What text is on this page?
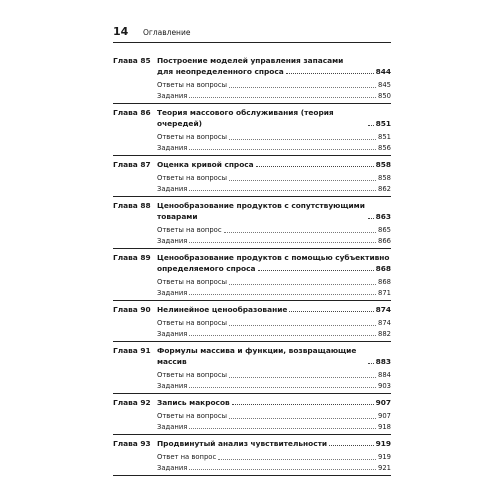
14	Оглавление
Глава 85 Построение моделей управления запасами
для неопределенного спроса	844
Ответы на вопросы	845
Задания	850
Глава 86 Теория массового обслуживания (теория очередей)	851
Ответы на вопросы	851
Задания	856
Глава 87 Оценка кривой спроса	858
Ответы на вопросы	858
Задания	862
Глава 88 Ценообразование продуктов с сопутствующими товарами	863
Ответы на вопрос	865
Задания	866
Глава 89 Ценообразование продуктов с помощью субъективно
определяемого спроса	868
Ответы на вопросы	868
Задания	871
Глава 90 Нелинейное ценообразование	874
Ответы на вопросы	874
Задания	882
Глава 91 Формулы массива и функции, возвращающие массив	883
Ответы на вопросы	884
Задания	903
Глава 92 Запись макросов	907
Ответы на вопросы	907
Задания	918
Глава 93 Продвинутый анализ чувствительности	919
Ответ на вопрос	919
Задания	921
